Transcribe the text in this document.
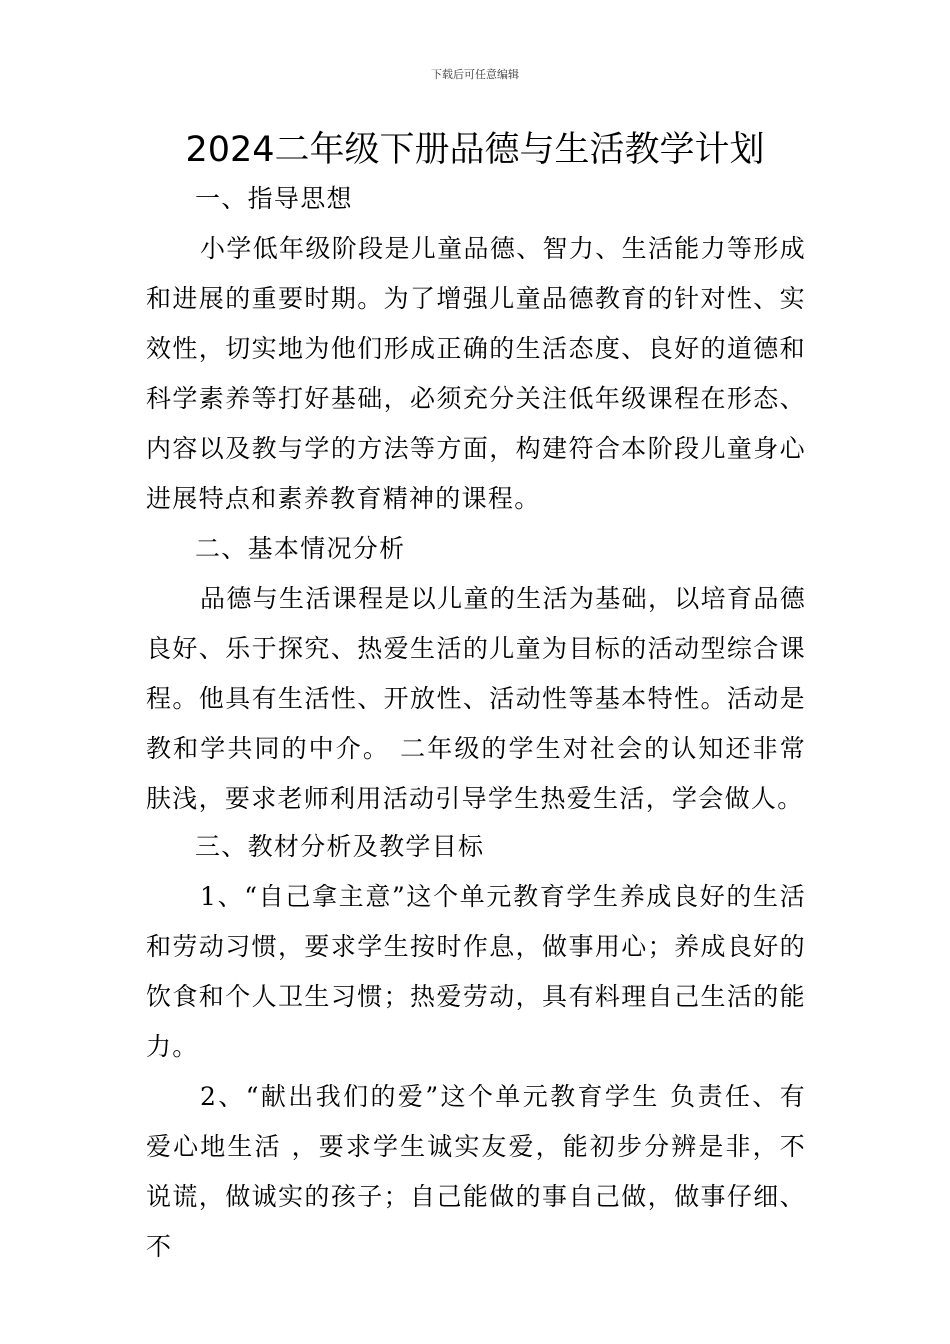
下载后可任意编辑
2024二年级下册品德与生活教学计划
一、指导思想

小学低年级阶段是儿童品德、智力、生活能力等形成和进展的重要时期。为了增强儿童品德教育的针对性、实效性，切实地为他们形成正确的生活态度、良好的道德和科学素养等打好基础，必须充分关注低年级课程在形态、内容以及教与学的方法等方面，构建符合本阶段儿童身心进展特点和素养教育精神的课程。

二、基本情况分析

品德与生活课程是以儿童的生活为基础，以培育品德良好、乐于探究、热爱生活的儿童为目标的活动型综合课程。他具有生活性、开放性、活动性等基本特性。活动是教和学共同的中介。 二年级的学生对社会的认知还非常肤浅，要求老师利用活动引导学生热爱生活，学会做人。

三、教材分析及教学目标

1、“自己拿主意”这个单元教育学生养成良好的生活和劳动习惯，要求学生按时作息，做事用心；养成良好的饮食和个人卫生习惯；热爱劳动，具有料理自己生活的能力。

2、“献出我们的爱”这个单元教育学生 负责任、有爱心地生活 ，要求学生诚实友爱，能初步分辨是非，不说谎，做诚实的孩子；自己能做的事自己做，做事仔细、不
